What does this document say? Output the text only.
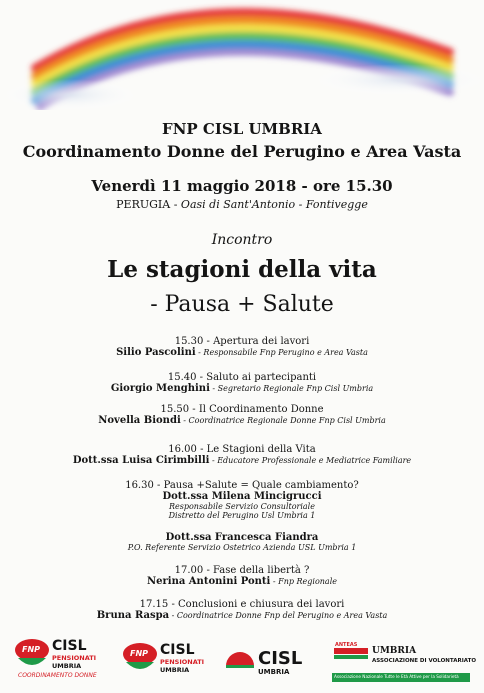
FNP CISL UMBRIA
Coordinamento Donne del Perugino e Area Vasta
Venerdì 11 maggio 2018 - ore 15.30
PERUGIA - Oasi di Sant'Antonio - Fontivegge
Incontro
Le stagioni della vita
- Pausa + Salute
15.30 - Apertura dei lavori
Silio Pascolini - Responsabile Fnp Perugino e Area Vasta
15.40 - Saluto ai partecipanti
Giorgio Menghini - Segretario Regionale Fnp Cisl Umbria
15.50 - Il Coordinamento Donne
Novella Biondi - Coordinatrice Regionale Donne Fnp Cisl Umbria
16.00 - Le Stagioni della Vita
Dott.ssa Luisa Cirimbilli - Educatore Professionale e Mediatrice Familiare
16.30 - Pausa +Salute = Quale cambiamento?
Dott.ssa Milena Mincigrucci
Responsabile Servizio Consultoriale
Distretto del Perugino Usl Umbria 1
Dott.ssa Francesca Fiandra
P.O. Referente Servizio Ostetrico Azienda USL Umbria 1
17.00 - Fase della libertà ?
Nerina Antonini Ponti - Fnp Regionale
17.15 - Conclusioni e chiusura dei lavori
Bruna Raspa - Coordinatrice Donne Fnp del Perugino e Area Vasta
FNP CISL
PENSIONATI
UMBRIA
COORDINAMENTO DONNE
FNP CISL
PENSIONATI
UMBRIA
CISL
UMBRIA
ANTEAS
UMBRIA
ASSOCIAZIONE DI VOLONTARIATO
Associazione Nazionale Tutte le Età Attive per la Solidarietà
